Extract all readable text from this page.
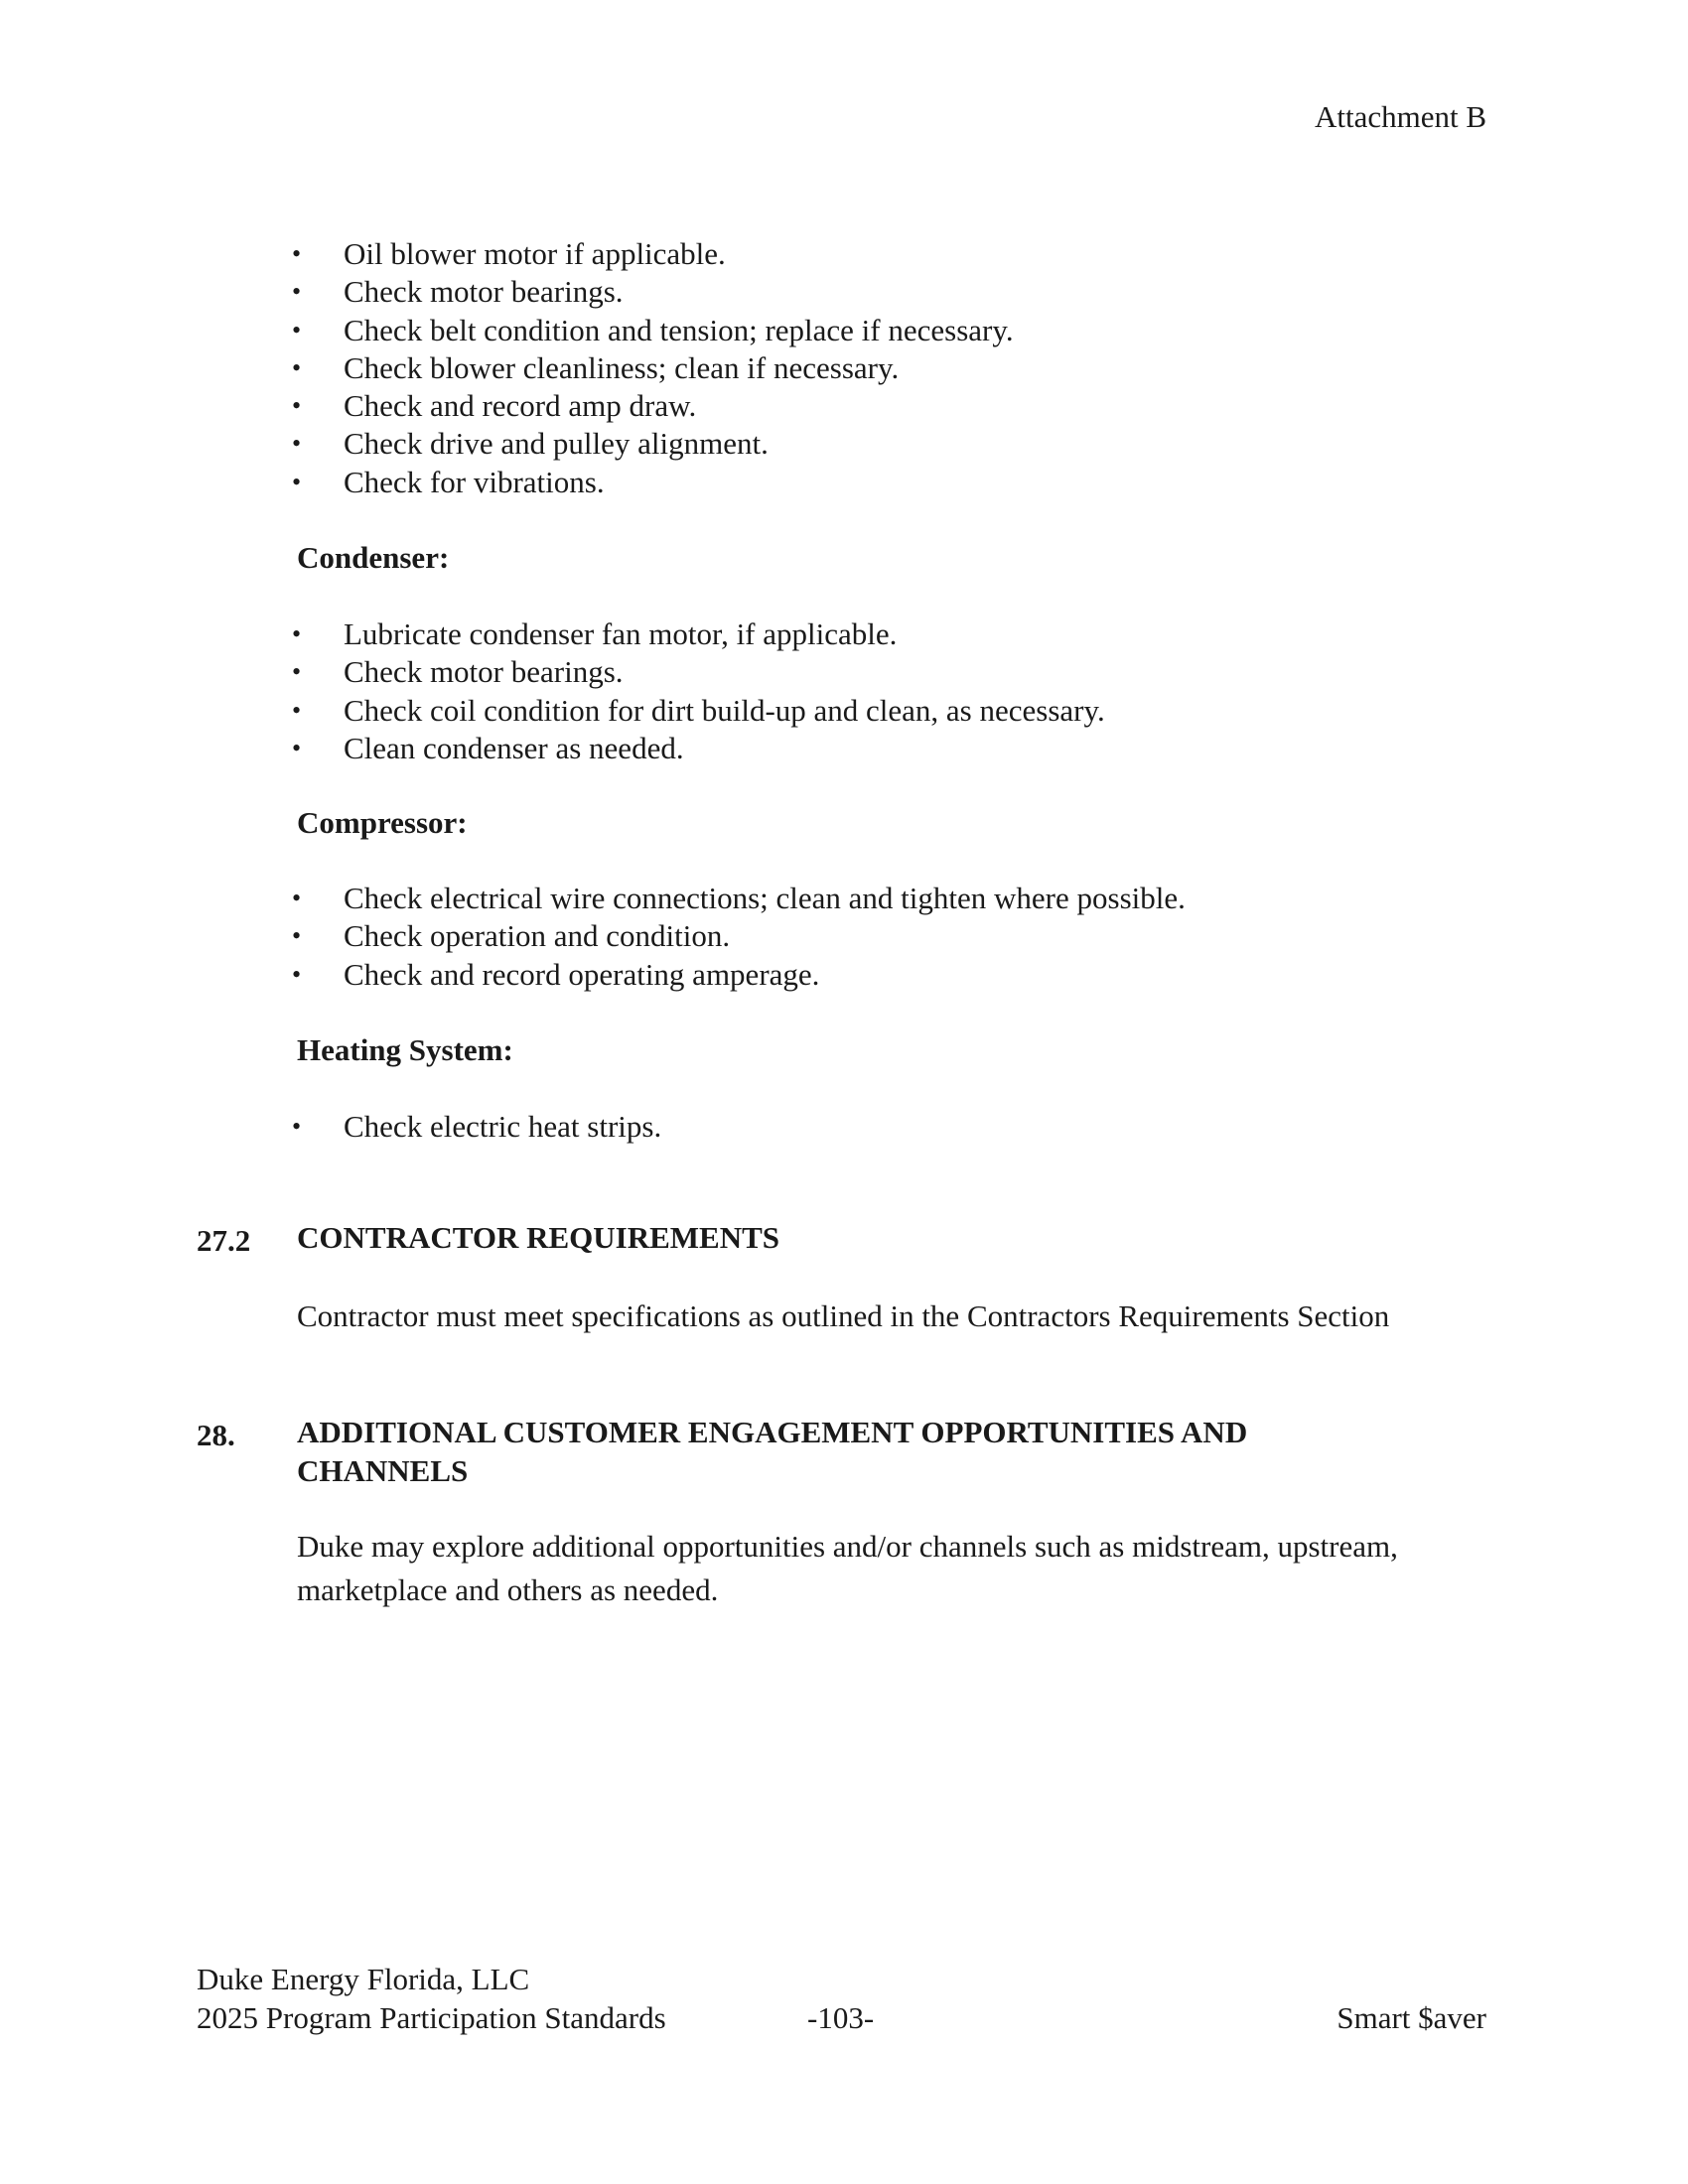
Attachment B
•	Oil blower motor if applicable.
•	Check motor bearings.
•	Check belt condition and tension; replace if necessary.
•	Check blower cleanliness; clean if necessary.
•	Check and record amp draw.
•	Check drive and pulley alignment.
•	Check for vibrations.
Condenser:
•	Lubricate condenser fan motor, if applicable.
•	Check motor bearings.
•	Check coil condition for dirt build-up and clean, as necessary.
•	Clean condenser as needed.
Compressor:
•	Check electrical wire connections; clean and tighten where possible.
•	Check operation and condition.
•	Check and record operating amperage.
Heating System:
•	Check electric heat strips.
27.2 CONTRACTOR REQUIREMENTS
Contractor must meet specifications as outlined in the Contractors Requirements Section
28. ADDITIONAL CUSTOMER ENGAGEMENT OPPORTUNITIES AND
CHANNELS
Duke may explore additional opportunities and/or channels such as midstream, upstream, marketplace and others as needed.
Duke Energy Florida, LLC
2025 Program Participation Standards	-103-	Smart $aver
